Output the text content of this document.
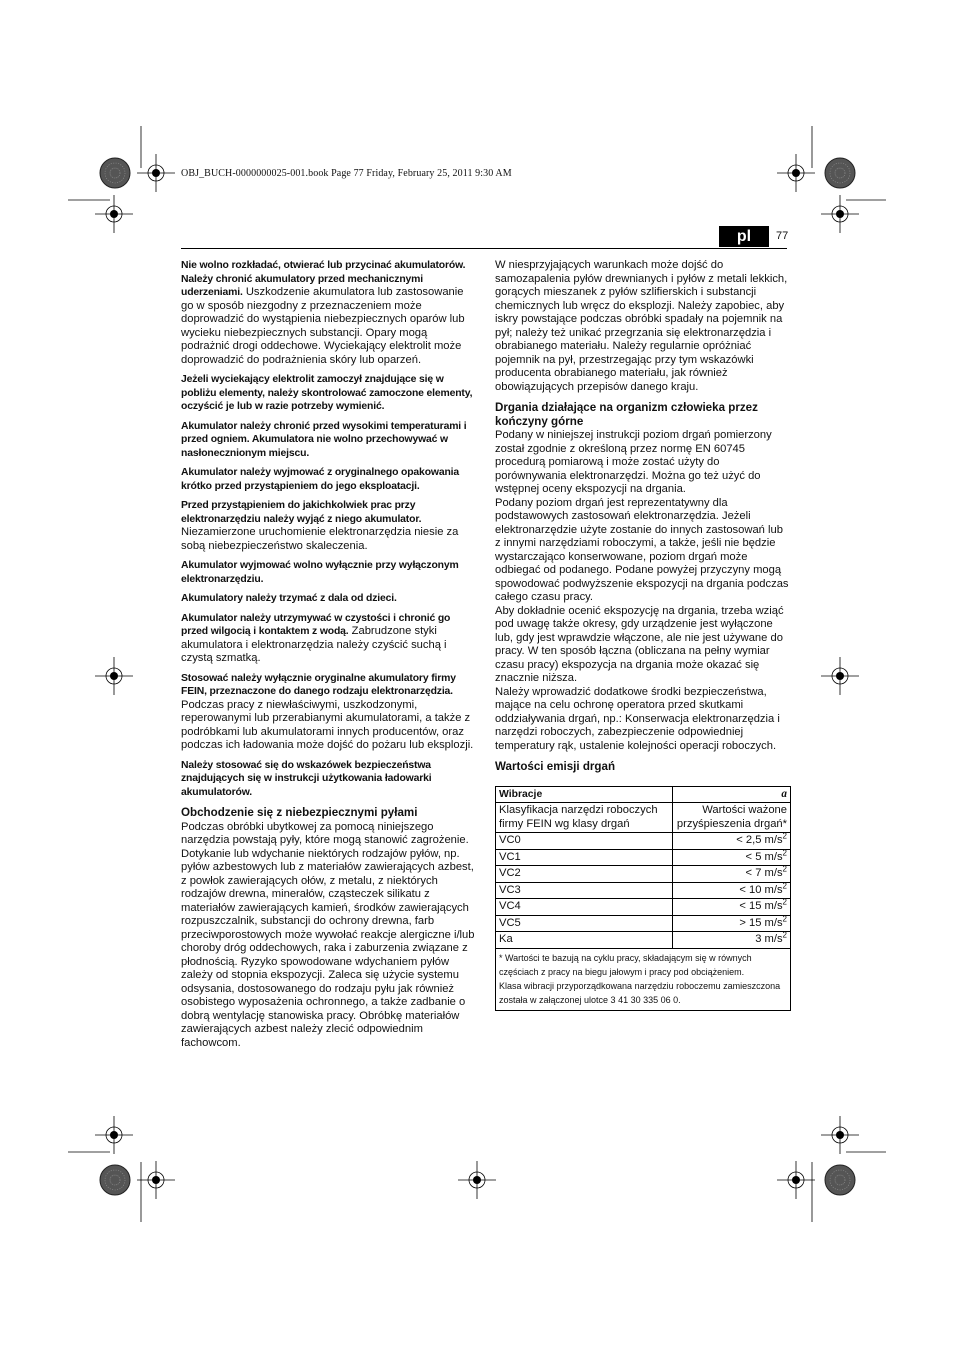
OBJ_BUCH-0000000025-001.book Page 77 Friday, February 25, 2011 9:30 AM
pl	77

Nie wolno rozkładać, otwierać lub przycinać akumulatorów. Należy chronić akumulatory przed mechanicznymi uderzeniami. Uszkodzenie akumulatora lub zastosowanie go w sposób niezgodny z przeznaczeniem może doprowadzić do wystąpienia niebezpiecznych oparów lub wycieku niebezpiecznych substancji. Opary mogą podrażnić drogi oddechowe. Wyciekający elektrolit może doprowadzić do podrażnienia skóry lub oparzeń.

Jeżeli wyciekający elektrolit zamoczył znajdujące się w pobliżu elementy, należy skontrolować zamoczone elementy, oczyścić je lub w razie potrzeby wymienić.

Akumulator należy chronić przed wysokimi temperaturami i przed ogniem. Akumulatora nie wolno przechowywać w nasłonecznionym miejscu.

Akumulator należy wyjmować z oryginalnego opakowania krótko przed przystąpieniem do jego eksploatacji.

Przed przystąpieniem do jakichkolwiek prac przy elektronarzędziu należy wyjąć z niego akumulator. Niezamierzone uruchomienie elektronarzędzia niesie za sobą niebezpieczeństwo skaleczenia.

Akumulator wyjmować wolno wyłącznie przy wyłączonym elektronarzędziu.

Akumulatory należy trzymać z dala od dzieci.

Akumulator należy utrzymywać w czystości i chronić go przed wilgocią i kontaktem z wodą. Zabrudzone styki akumulatora i elektronarzędzia należy czyścić suchą i czystą szmatką.

Stosować należy wyłącznie oryginalne akumulatory firmy FEIN, przeznaczone do danego rodzaju elektronarzędzia. Podczas pracy z niewłaściwymi, uszkodzonymi, reperowanymi lub przerabianymi akumulatorami, a także z podróbkami lub akumulatorami innych producentów, oraz podczas ich ładowania może dojść do pożaru lub eksplozji.

Należy stosować się do wskazówek bezpieczeństwa znajdujących się w instrukcji użytkowania ładowarki akumulatorów.

Obchodzenie się z niebezpiecznymi pyłami

Podczas obróbki ubytkowej za pomocą niniejszego narzędzia powstają pyły, które mogą stanowić zagrożenie.

Dotykanie lub wdychanie niektórych rodzajów pyłów, np. pyłów azbestowych lub z materiałów zawierających azbest, z powłok zawierających ołów, z metalu, z niektórych rodzajów drewna, minerałów, cząsteczek silikatu z materiałów zawierających kamień, środków zawierających rozpuszczalnik, substancji do ochrony drewna, farb przeciwporostowych może wywołać reakcje alergiczne i/lub choroby dróg oddechowych, raka i zaburzenia związane z płodnością. Ryzyko spowodowane wdychaniem pyłów zależy od stopnia ekspozycji. Zaleca się użycie systemu odsysania, dostosowanego do rodzaju pyłu jak również osobistego wyposażenia ochronnego, a także zadbanie o dobrą wentylację stanowiska pracy. Obróbkę materiałów zawierających azbest należy zlecić odpowiednim fachowcom.

W niesprzyjających warunkach może dojść do samozapalenia pyłów drewnianych i pyłów z metali lekkich, gorących mieszanek z pyłów szlifierskich i substancji chemicznych lub wręcz do eksplozji. Należy zapobiec, aby iskry powstające podczas obróbki spadały na pojemnik na pył; należy też unikać przegrzania się elektronarzędzia i obrabianego materiału. Należy regularnie opróżniać pojemnik na pył, przestrzegając przy tym wskazówki producenta obrabianego materiału, jak również obowiązujących przepisów danego kraju.

Drgania działające na organizm człowieka przez kończyny górne

Podany w niniejszej instrukcji poziom drgań pomierzony został zgodnie z określoną przez normę EN 60745 procedurą pomiarową i może zostać użyty do porównywania elektronarzędzi. Można go też użyć do wstępnej oceny ekspozycji na drgania.

Podany poziom drgań jest reprezentatywny dla podstawowych zastosowań elektronarzędzia. Jeżeli elektronarzędzie użyte zostanie do innych zastosowań lub z innymi narzędziami roboczymi, a także, jeśli nie będzie wystarczająco konserwowane, poziom drgań może odbiegać od podanego. Podane powyżej przyczyny mogą spowodować podwyższenie ekspozycji na drgania podczas całego czasu pracy.

Aby dokładnie ocenić ekspozycję na drgania, trzeba wziąć pod uwagę także okresy, gdy urządzenie jest wyłączone lub, gdy jest wprawdzie włączone, ale nie jest używane do pracy. W ten sposób łączna (obliczana na pełny wymiar czasu pracy) ekspozycja na drgania może okazać się znacznie niższa.

Należy wprowadzić dodatkowe środki bezpieczeństwa, mające na celu ochronę operatora przed skutkami oddziaływania drgań, np.: Konserwacja elektronarzędzia i narzędzi roboczych, zabezpieczenie odpowiedniej temperatury rąk, ustalenie kolejności operacji roboczych.

Wartości emisji drgań
Wibracje	a
Klasyfikacja narzędzi roboczych firmy FEIN wg klasy drgań	Wartości ważone przyśpieszenia drgań*
VC0	< 2,5 $m/s^2$
VC1	< 5 $m/s^2$
VC2	< 7 $m/s^2$
VC3	< 10 $m/s^2$
VC4	< 15 $m/s^2$
VC5	> 15 $m/s^2$
Ka	3 $m/s^2$

* Wartości te bazują na cyklu pracy, składającym się w równych częściach z pracy na biegu jałowym i pracy pod obciążeniem.
Klasa wibracji przyporządkowana narzędziu roboczemu zamieszczona została w załączonej ulotce 3 41 30 335 06 0.	
